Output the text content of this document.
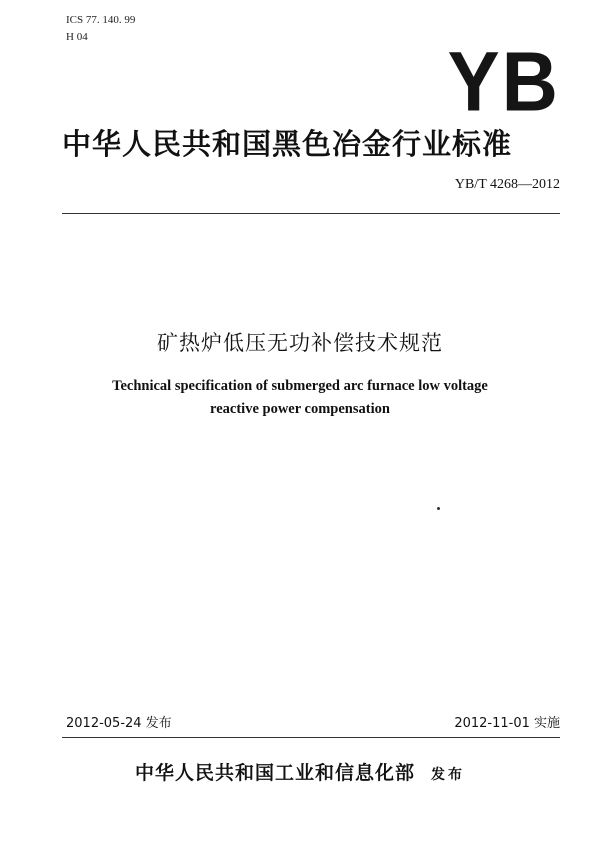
ICS 77. 140. 99
H 04	YB
中华人民共和国黑色冶金行业标准
YB/T 4268—2012
矿热炉低压无功补偿技术规范
Technical specification of submerged arc furnace low voltage
reactive power compensation
2012-05-24 发布	2012-11-01 实施
中华人民共和国工业和信息化部 发布
